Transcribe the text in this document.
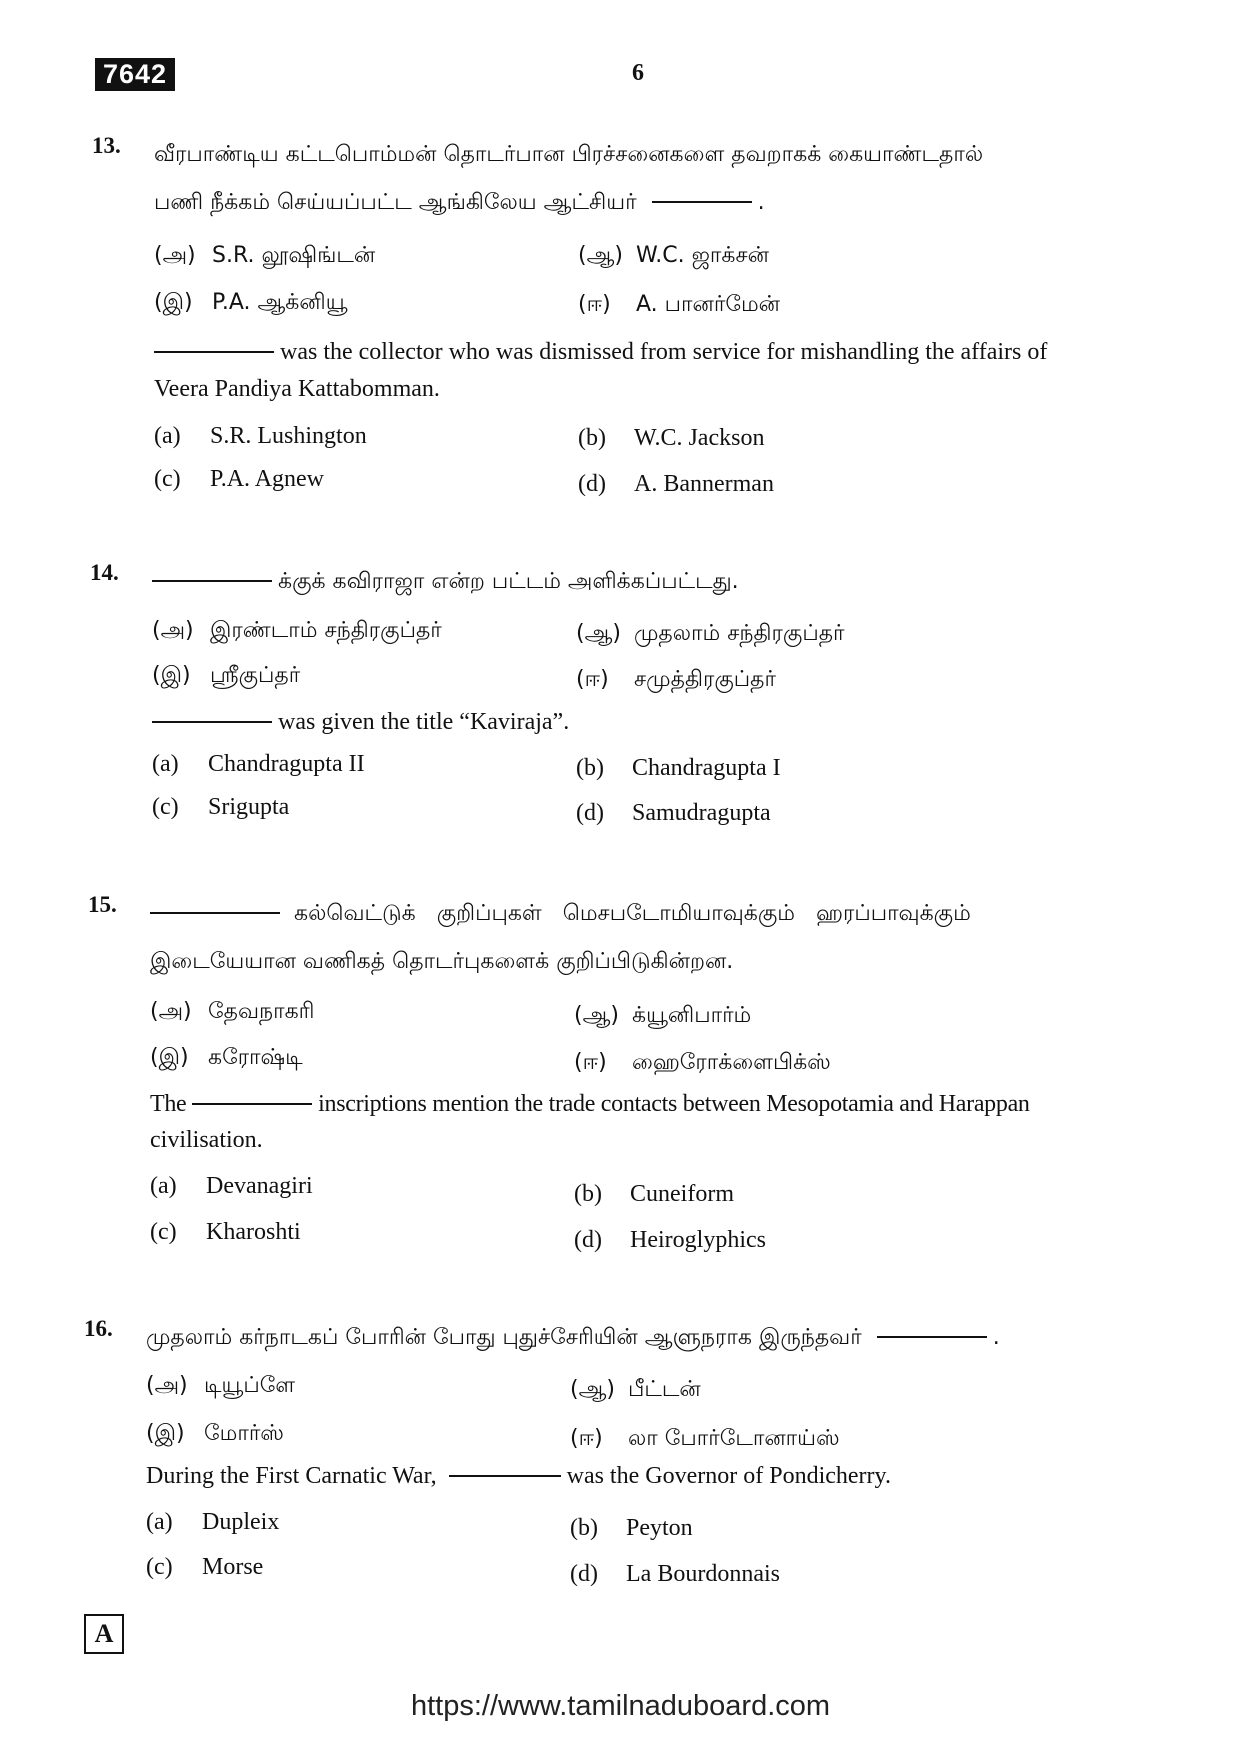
7642	6
13. வீரபாண்டிய கட்டபொம்மன் தொடர்பான பிரச்சனைகளை தவறாகக் கையாண்டதால்
பணி நீக்கம் செய்யப்பட்ட ஆங்கிலேய ஆட்சியர்	.
(அ) S.R. லூஷிங்டன்	(ஆ) W.C. ஜாக்சன்
(இ) P.A. ஆக்னியூ	(ஈ) A. பானர்மேன்
was the collector who was dismissed from service for mishandling the affairs of
Veera Pandiya Kattabomman.
(a) S.R. Lushington	(b) W.C. Jackson
(c) P.A. Agnew	(d) A. Bannerman
14.	க்குக் கவிராஜா என்ற பட்டம் அளிக்கப்பட்டது.
(அ) இரண்டாம் சந்திரகுப்தர்	(ஆ) முதலாம் சந்திரகுப்தர்
(இ) ஸ்ரீகுப்தர்	(ஈ) சமுத்திரகுப்தர்
was given the title “Kaviraja”.
(a) Chandragupta II	(b) Chandragupta I
(c) Srigupta	(d) Samudragupta
15.	கல்வெட்டுக் குறிப்புகள் மெசபடோமியாவுக்கும் ஹரப்பாவுக்கும்
இடையேயான வணிகத் தொடர்புகளைக் குறிப்பிடுகின்றன.
(அ) தேவநாகரி	(ஆ) க்யூனிபார்ம்
(இ) கரோஷ்டி	(ஈ) ஹைரோக்ளைபிக்ஸ்
The	inscriptions mention the trade contacts between Mesopotamia and Harappan
civilisation.
(a) Devanagiri	(b) Cuneiform
(c) Kharoshti	(d) Heiroglyphics
16. முதலாம் கர்நாடகப் போரின் போது புதுச்சேரியின் ஆளுநராக இருந்தவர்	.
(அ) டியூப்ளே	(ஆ) பீட்டன்
(இ) மோர்ஸ்	(ஈ) லா போர்டோனாய்ஸ்
During the First Carnatic War,	was the Governor of Pondicherry.
(a) Dupleix	(b) Peyton
(c) Morse	(d) La Bourdonnais
A
https://www.tamilnaduboard.com
